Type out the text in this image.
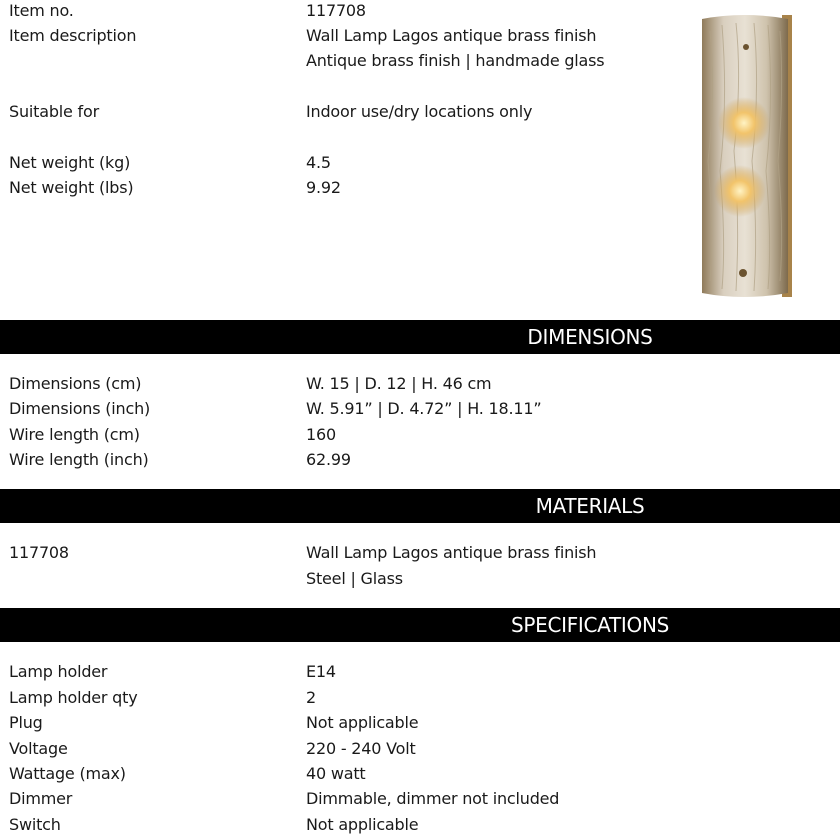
Item no.	117708
Item description	Wall Lamp Lagos antique brass finish
Antique brass finish | handmade glass
Suitable for	Indoor use/dry locations only
Net weight (kg)	4.5
Net weight (lbs)	9.92
DIMENSIONS
Dimensions (cm)	W. 15 | D. 12 | H. 46 cm
Dimensions (inch)	W. 5.91” | D. 4.72” | H. 18.11”
Wire length (cm)	160
Wire length (inch)	62.99
MATERIALS
117708	Wall Lamp Lagos antique brass finish
Steel | Glass
SPECIFICATIONS
Lamp holder	E14
Lamp holder qty	2
Plug	Not applicable
Voltage	220 - 240 Volt
Wattage (max)	40 watt
Dimmer	Dimmable, dimmer not included
Switch	Not applicable
